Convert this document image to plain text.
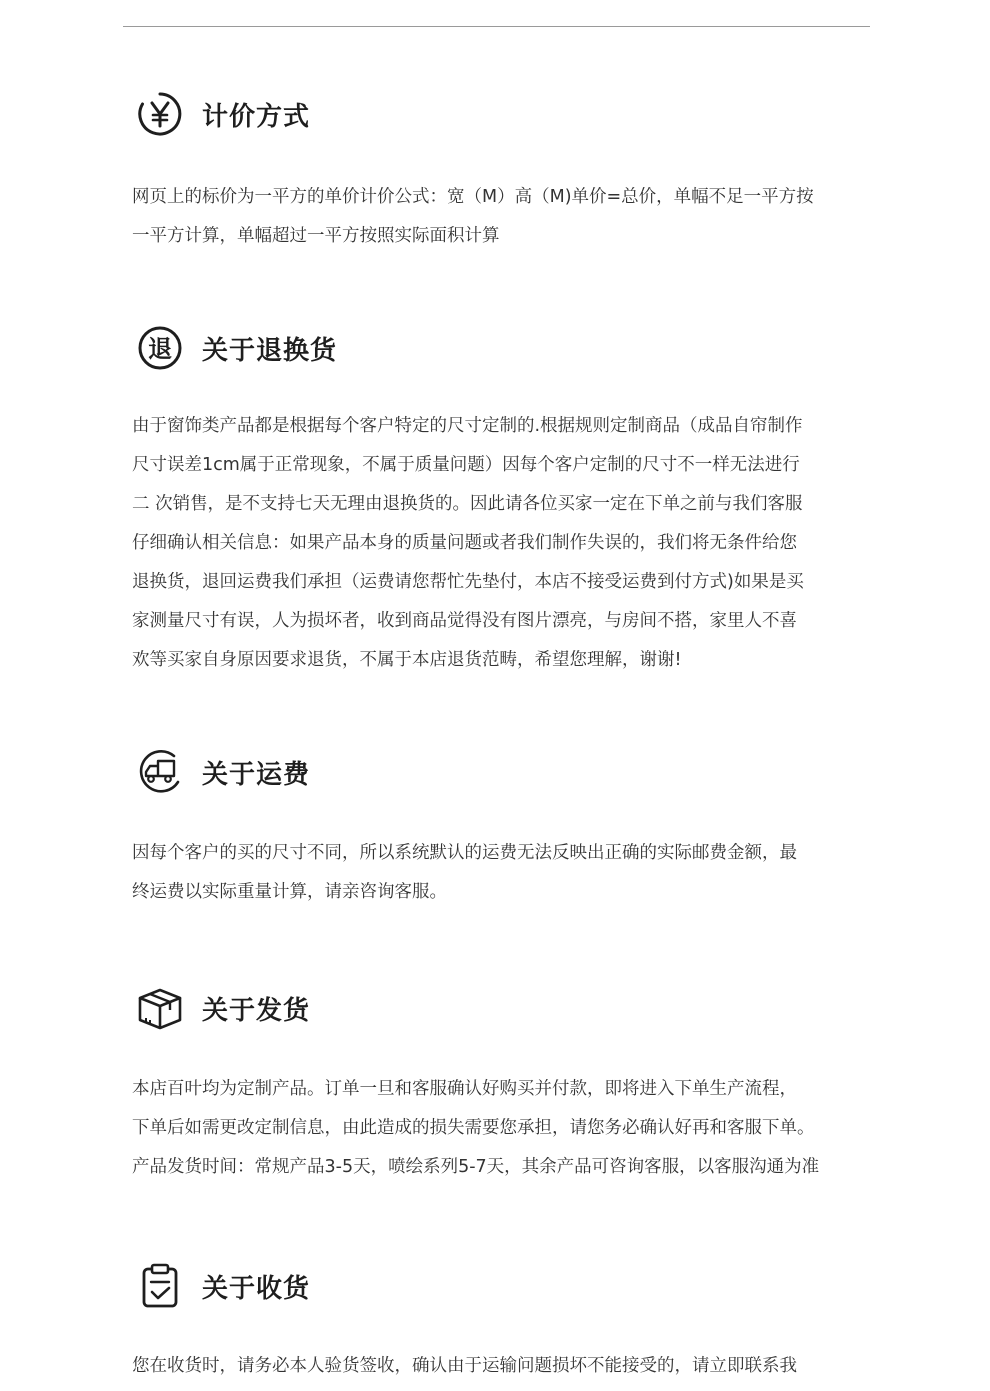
计价方式
网页上的标价为一平方的单价计价公式：宽（M）高（M)单价=总价，单幅不足一平方按
一平方计算，单幅超过一平方按照实际面积计算
退 关于退换货
由于窗饰类产品都是根据每个客户特定的尺寸定制的.根据规则定制商品（成品自帘制作
尺寸误差1cm属于正常现象，不属于质量问题）因每个客户定制的尺寸不一样无法进行
二 次销售，是不支持七天无理由退换货的。因此请各位买家一定在下单之前与我们客服
仔细确认相关信息：如果产品本身的质量问题或者我们制作失误的，我们将无条件给您
退换货，退回运费我们承担（运费请您帮忙先垫付，本店不接受运费到付方式)如果是买
家测量尺寸有误，人为损坏者，收到商品觉得没有图片漂亮，与房间不搭，家里人不喜
欢等买家自身原因要求退货，不属于本店退货范畴，希望您理解，谢谢!
关于运费
因每个客户的买的尺寸不同，所以系统默认的运费无法反映出正确的实际邮费金额，最
终运费以实际重量计算，请亲咨询客服。
关于发货
本店百叶均为定制产品。订单一旦和客服确认好购买并付款，即将进入下单生产流程，
下单后如需更改定制信息，由此造成的损失需要您承担，请您务必确认好再和客服下单。
产品发货时间：常规产品3-5天，喷绘系列5-7天，其余产品可咨询客服，以客服沟通为准
关于收货
您在收货时，请务必本人验货签收，确认由于运输问题损坏不能接受的，请立即联系我
